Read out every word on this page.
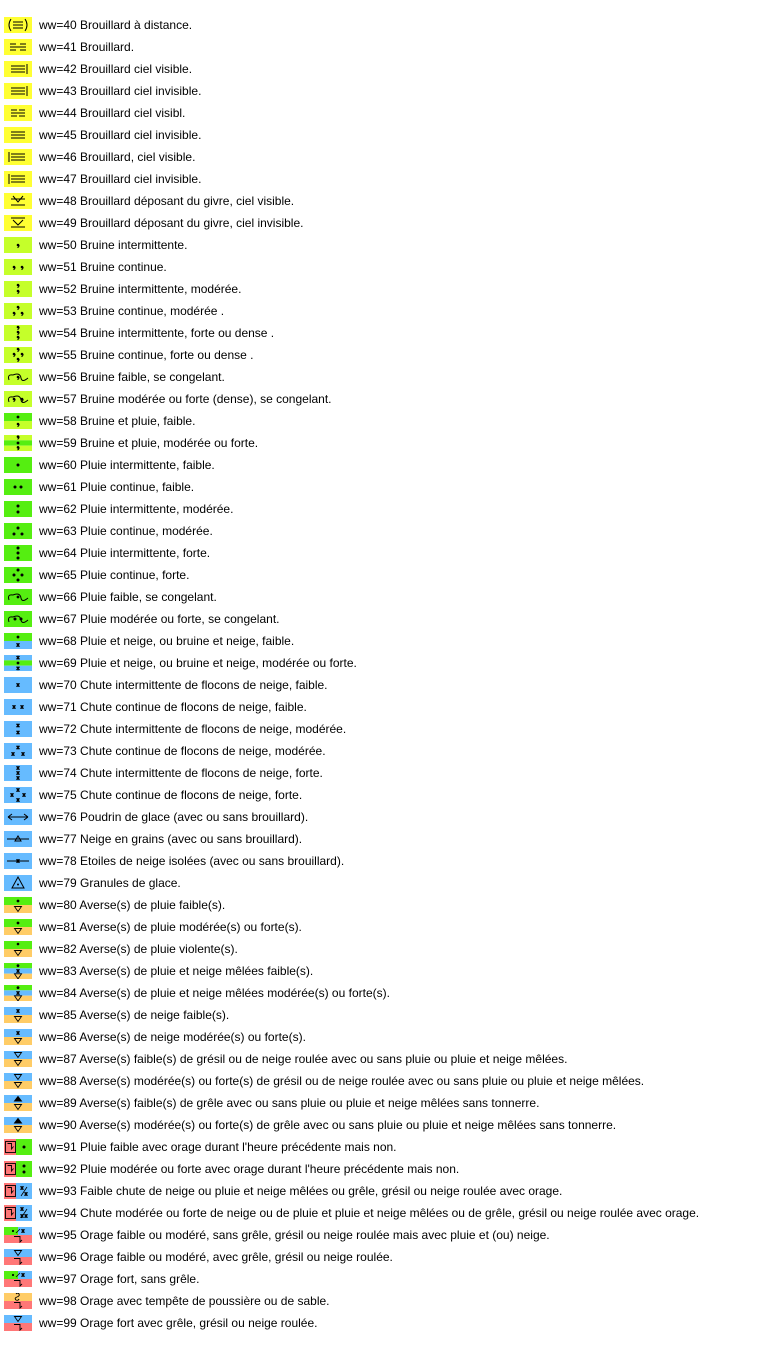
ww=40 Brouillard à distance.
ww=41 Brouillard.
ww=42 Brouillard ciel visible.
ww=43 Brouillard ciel invisible.
ww=44 Brouillard ciel visibl.
ww=45 Brouillard ciel invisible.
ww=46 Brouillard, ciel visible.
ww=47 Brouillard ciel invisible.
ww=48 Brouillard déposant du givre, ciel visible.
ww=49 Brouillard déposant du givre, ciel invisible.
ww=50 Bruine intermittente.
ww=51 Bruine continue.
ww=52 Bruine intermittente, modérée.
ww=53 Bruine continue, modérée .
ww=54 Bruine intermittente, forte ou dense .
ww=55 Bruine continue, forte ou dense .
ww=56 Bruine faible, se congelant.
ww=57 Bruine modérée ou forte (dense), se congelant.
ww=58 Bruine et pluie, faible.
ww=59 Bruine et pluie, modérée ou forte.
ww=60 Pluie intermittente, faible.
ww=61 Pluie continue, faible.
ww=62 Pluie intermittente, modérée.
ww=63 Pluie continue, modérée.
ww=64 Pluie intermittente, forte.
ww=65 Pluie continue, forte.
ww=66 Pluie faible, se congelant.
ww=67 Pluie modérée ou forte, se congelant.
ww=68 Pluie et neige, ou bruine et neige, faible.
ww=69 Pluie et neige, ou bruine et neige, modérée ou forte.
ww=70 Chute intermittente de flocons de neige, faible.
ww=71 Chute continue de flocons de neige, faible.
ww=72 Chute intermittente de flocons de neige, modérée.
ww=73 Chute continue de flocons de neige, modérée.
ww=74 Chute intermittente de flocons de neige, forte.
ww=75 Chute continue de flocons de neige, forte.
ww=76 Poudrin de glace (avec ou sans brouillard).
ww=77 Neige en grains (avec ou sans brouillard).
ww=78 Etoiles de neige isolées (avec ou sans brouillard).
ww=79 Granules de glace.
ww=80 Averse(s) de pluie faible(s).
ww=81 Averse(s) de pluie modérée(s) ou forte(s).
ww=82 Averse(s) de pluie violente(s).
ww=83 Averse(s) de pluie et neige mêlées faible(s).
ww=84 Averse(s) de pluie et neige mêlées modérée(s) ou forte(s).
ww=85 Averse(s) de neige faible(s).
ww=86 Averse(s) de neige modérée(s) ou forte(s).
ww=87 Averse(s) faible(s) de grésil ou de neige roulée avec ou sans pluie ou pluie et neige mêlées.
ww=88 Averse(s) modérée(s) ou forte(s) de grésil ou de neige roulée avec ou sans pluie ou pluie et neige mêlées.
ww=89 Averse(s) faible(s) de grêle avec ou sans pluie ou pluie et neige mêlées sans tonnerre.
ww=90 Averse(s) modérée(s) ou forte(s) de grêle avec ou sans pluie ou pluie et neige mêlées sans tonnerre.
ww=91 Pluie faible avec orage durant l'heure précédente mais non.
ww=92 Pluie modérée ou forte avec orage durant l'heure précédente mais non.
ww=93 Faible chute de neige ou pluie et neige mêlées ou grêle, grésil ou neige roulée avec orage.
ww=94 Chute modérée ou forte de neige ou de pluie et pluie et neige mêlées ou de grêle, grésil ou neige roulée avec orage.
ww=95 Orage faible ou modéré, sans grêle, grésil ou neige roulée mais avec pluie et (ou) neige.
ww=96 Orage faible ou modéré, avec grêle, grésil ou neige roulée.
ww=97 Orage fort, sans grêle.
ww=98 Orage avec tempête de poussière ou de sable.
ww=99 Orage fort avec grêle, grésil ou neige roulée.
